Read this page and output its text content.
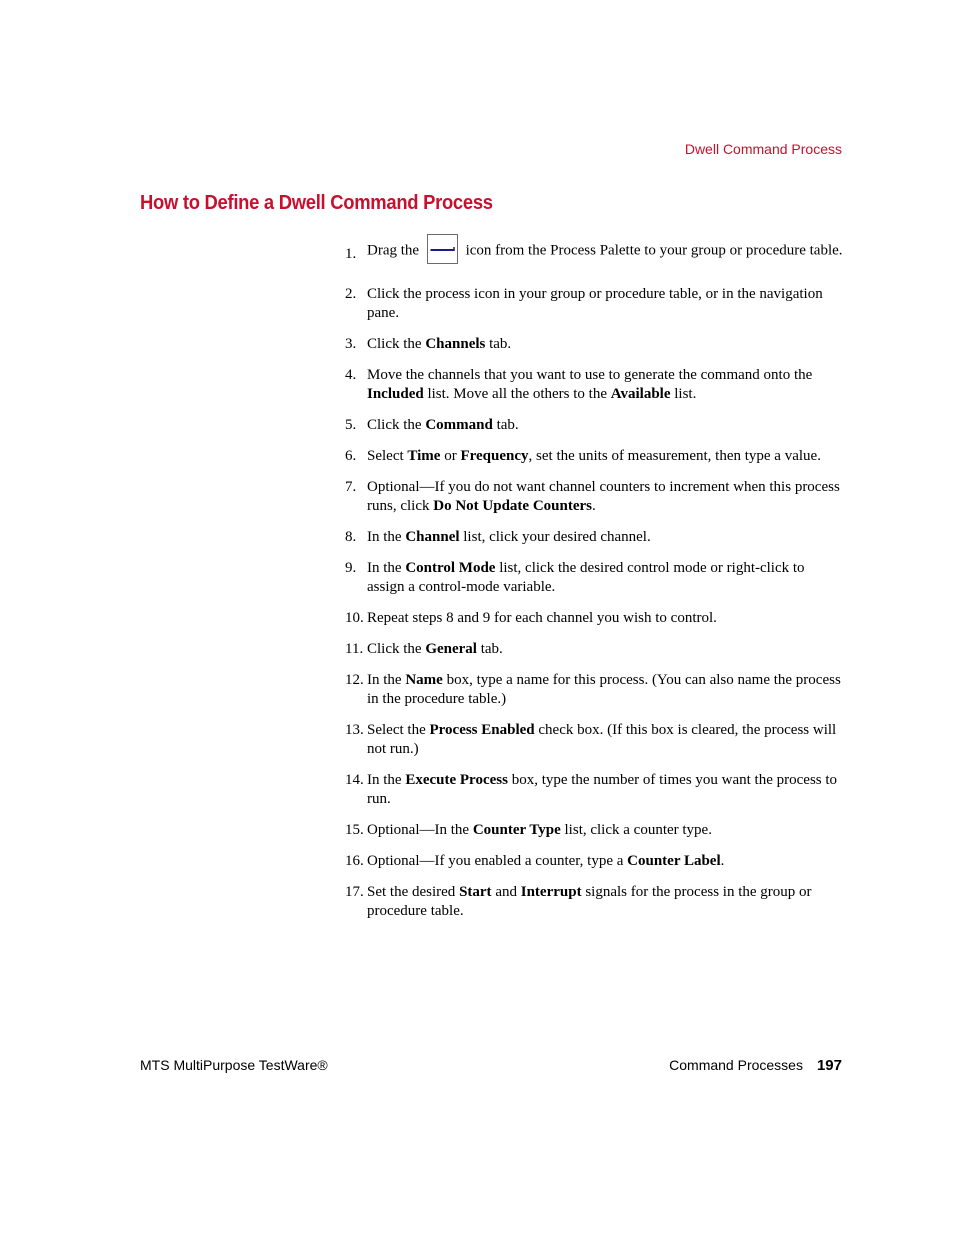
Dwell Command Process
How to Define a Dwell Command Process
1. Drag the	icon from the Process Palette to your group or procedure table.
2. Click the process icon in your group or procedure table, or in the navigation pane.
3. Click the Channels tab.
4. Move the channels that you want to use to generate the command onto the Included list. Move all the others to the Available list.
5. Click the Command tab.
6. Select Time or Frequency, set the units of measurement, then type a value.
7. Optional—If you do not want channel counters to increment when this process runs, click Do Not Update Counters.
8. In the Channel list, click your desired channel.
9. In the Control Mode list, click the desired control mode or right-click to assign a control-mode variable.
10. Repeat steps 8 and 9 for each channel you wish to control.
11. Click the General tab.
12. In the Name box, type a name for this process. (You can also name the process in the procedure table.)
13. Select the Process Enabled check box. (If this box is cleared, the process will not run.)
14. In the Execute Process box, type the number of times you want the process to run.
15. Optional—In the Counter Type list, click a counter type.
16. Optional—If you enabled a counter, type a Counter Label.
17. Set the desired Start and Interrupt signals for the process in the group or procedure table.
MTS MultiPurpose TestWare®	Command Processes 197
